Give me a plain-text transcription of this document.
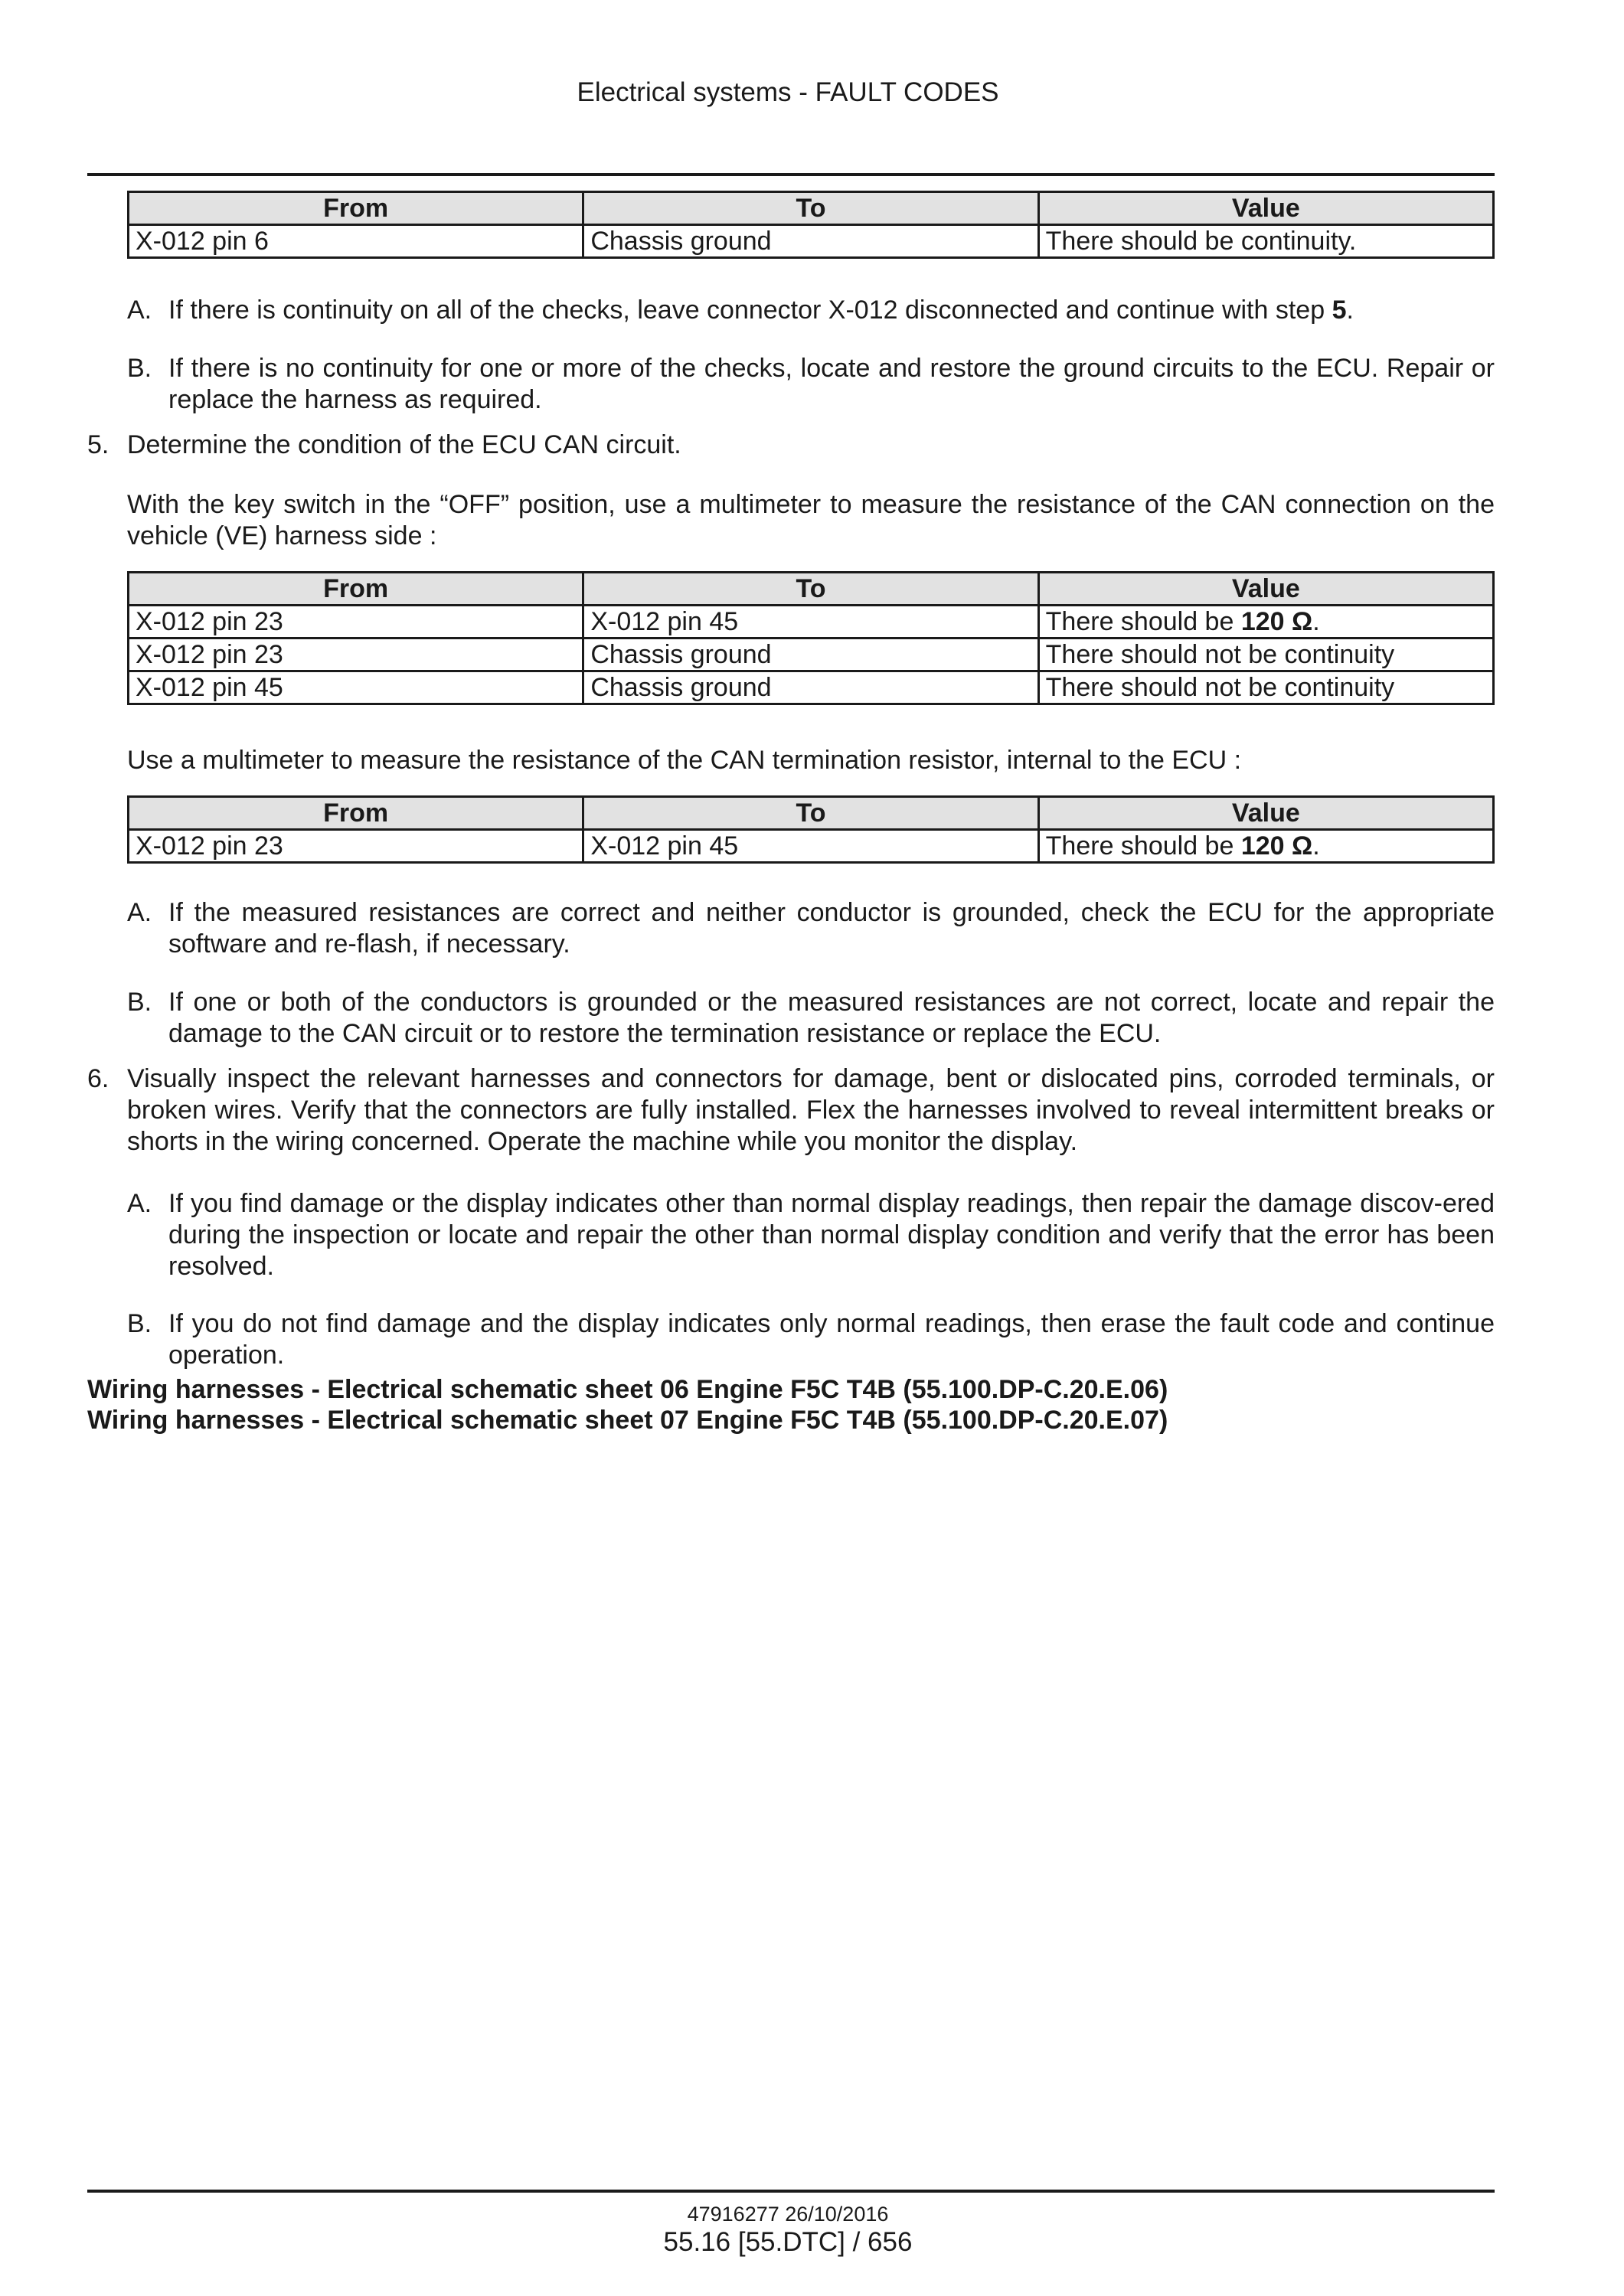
Electrical systems - FAULT CODES
From	To	Value
X-012 pin 6	Chassis ground	There should be continuity.
A. If there is continuity on all of the checks, leave connector X-012 disconnected and continue with step 5.
B. If there is no continuity for one or more of the checks, locate and restore the ground circuits to the ECU. Repair or replace the harness as required.
5. Determine the condition of the ECU CAN circuit.
With the key switch in the “OFF” position, use a multimeter to measure the resistance of the CAN connection on the vehicle (VE) harness side :
From	To	Value
X-012 pin 23	X-012 pin 45	There should be 120 Ω.
X-012 pin 23	Chassis ground	There should not be continuity
X-012 pin 45	Chassis ground	There should not be continuity
Use a multimeter to measure the resistance of the CAN termination resistor, internal to the ECU :
From	To	Value
X-012 pin 23	X-012 pin 45	There should be 120 Ω.
A. If the measured resistances are correct and neither conductor is grounded, check the ECU for the appropriate software and re-flash, if necessary.
B. If one or both of the conductors is grounded or the measured resistances are not correct, locate and repair the damage to the CAN circuit or to restore the termination resistance or replace the ECU.
6. Visually inspect the relevant harnesses and connectors for damage, bent or dislocated pins, corroded terminals, or broken wires. Verify that the connectors are fully installed. Flex the harnesses involved to reveal intermittent breaks or shorts in the wiring concerned. Operate the machine while you monitor the display.
A. If you find damage or the display indicates other than normal display readings, then repair the damage discov-ered during the inspection or locate and repair the other than normal display condition and verify that the error has been resolved.
B. If you do not find damage and the display indicates only normal readings, then erase the fault code and continue operation.
Wiring harnesses - Electrical schematic sheet 06 Engine F5C T4B (55.100.DP-C.20.E.06)
Wiring harnesses - Electrical schematic sheet 07 Engine F5C T4B (55.100.DP-C.20.E.07)
47916277 26/10/2016
55.16 [55.DTC] / 656
